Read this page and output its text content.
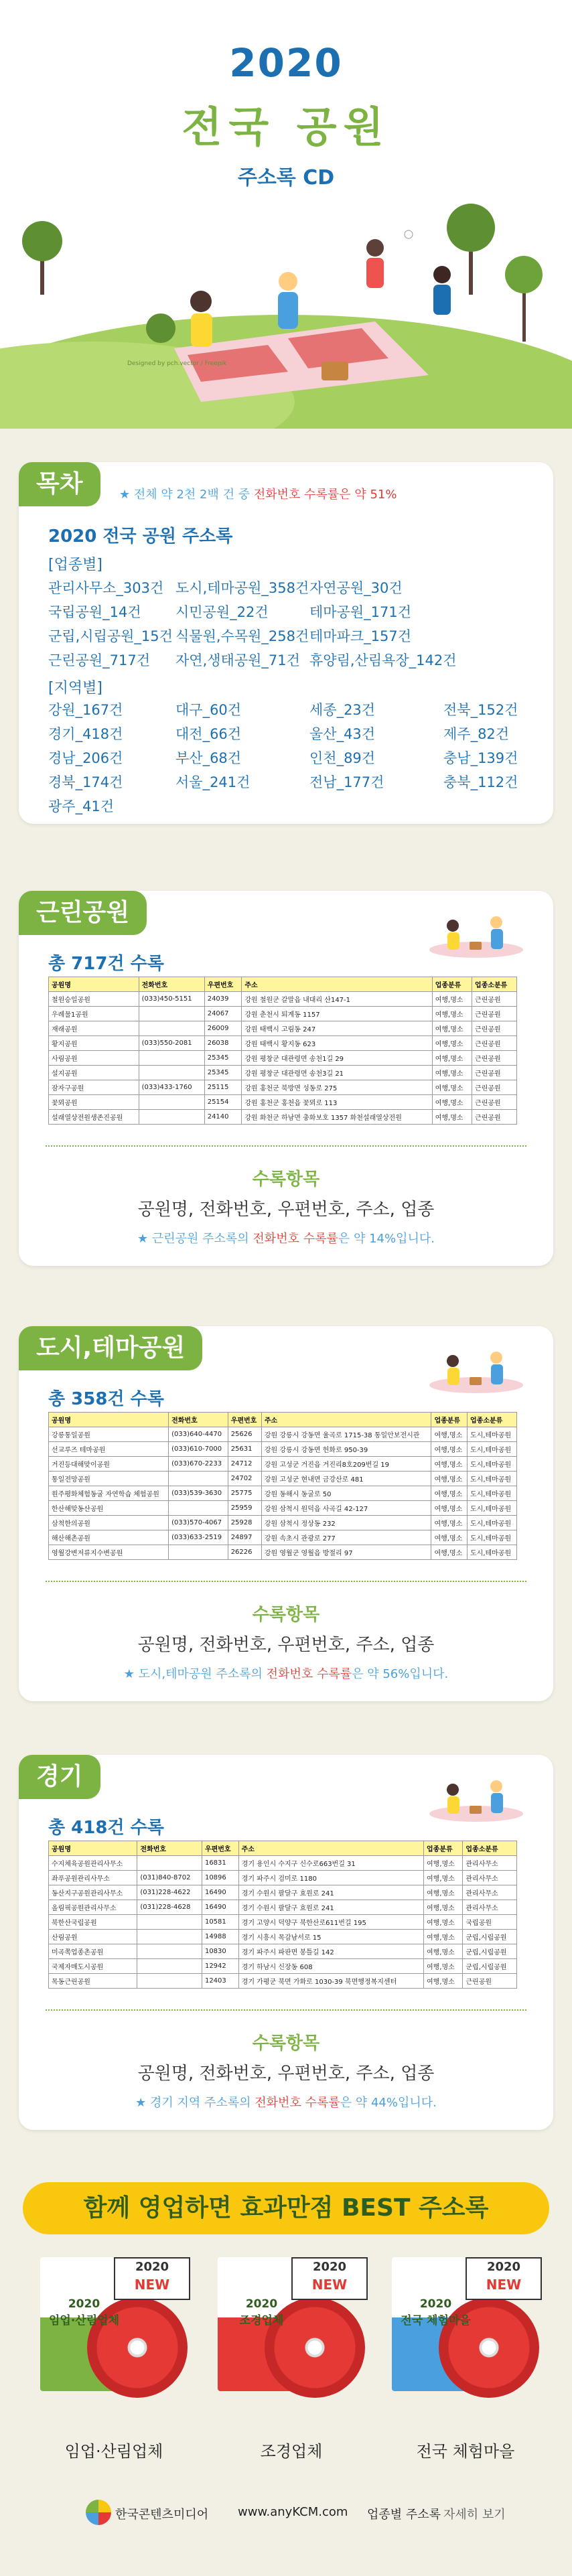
2020
전국 공원
주소록 CD
Designed by pch.vector / Freepik
목차	★ 전체 약 2천 2백 건 중 전화번호 수록률은 약 51%
2020 전국 공원 주소록
[업종별]
관리사무소_303건 도시,테마공원_358건 자연공원_30건
국립공원_14건	시민공원_22건	테마공원_171건
군립,시립공원_15건 식물원,수목원_258건 테마파크_157건
근린공원_717건	자연,생태공원_71건 휴양림,산림욕장_142건
[지역별]
강원_167건	대구_60건	세종_23건	전북_152건
경기_418건	대전_66건	울산_43건	제주_82건
경남_206건	부산_68건	인천_89건	충남_139건
경북_174건	서울_241건	전남_177건	충북_112건
광주_41건
근린공원
총 717건 수록
공원명	전화번호	우편번호	주소	업종분류	업종소분류
철원승일공원	(033)450-5151	24039	강원 철원군 갈말읍 내대리 산147-1	여행,명소	근린공원
우례물1공원		24067	강원 춘천시 퇴계동 1157	여행,명소	근린공원
재래공원		26009	강원 태백시 고림동 247	여행,명소	근린공원
황지공원	(033)550-2081	26038	강원 태백시 황지동 623	여행,명소	근린공원
사림공원		25345	강원 평창군 대관령면 송천1길 29	여행,명소	근린공원
설지공원		25345	강원 평창군 대관령면 송천3길 21	여행,명소	근린공원
잠자구공원	(033)433-1760	25115	강원 홍천군 북방면 성동로 275	여행,명소	근린공원
꽃뫼공원		25154	강원 홍천군 홍천읍 꽃뫼로 113	여행,명소	근린공원
설래열상전원생존진공원		24140	강원 화천군 하남면 충화보호 1357 화천설래열상전원	여행,명소	근린공원
수록항목
공원명, 전화번호, 우편번호, 주소, 업종
★ 근린공원 주소록의 전화번호 수록률은 약 14%입니다.
도시,테마공원
총 358건 수록
공원명	전화번호	우편번호	주소	업종분류	업종소분류
강릉통일공원	(033)640-4470	25626	강원 강릉시 강동면 율곡로 1715-38 통일안보전시관	여행,명소	도시,테마공원
선교루즈 테마공원	(033)610-7000	25631	강원 강릉시 강동면 헌화로 950-39	여행,명소	도시,테마공원
거진등대해맞이공원	(033)670-2233	24712	강원 고성군 거진읍 거진리8호209번길 19	여행,명소	도시,테마공원
통일전망공원		24702	강원 고성군 현내면 금강산로 481	여행,명소	도시,테마공원
원주평화체험동굴 자연학습 체험공원	(033)539-3630	25775	강원 동해시 동굴로 50	여행,명소	도시,테마공원
한산해맞동산공원		25959	강원 삼척시 원덕읍 사곡길 42-127	여행,명소	도시,테마공원
삼척한의공원	(033)570-4067	25928	강원 삼척시 정상동 232	여행,명소	도시,테마공원
해산해촌공원	(033)633-2519	24897	강원 속초시 관광로 277	여행,명소	도시,테마공원
영월강변저류지수변공원		26226	강원 영월군 영월읍 방절리 97	여행,명소	도시,테마공원
수록항목
공원명, 전화번호, 우편번호, 주소, 업종
★ 도시,테마공원 주소록의 전화번호 수록률은 약 56%입니다.
경기
총 418건 수록
공원명	전화번호	우편번호	주소	업종분류	업종소분류
수지체육공원관리사무소		16831	경기 용인시 수지구 신수로663번길 31	여행,명소	관리사무소
좌푸공원관리사무소	(031)840-8702	10896	경기 파주시 검미로 1180	여행,명소	관리사무소
동산지구공원관리사무소	(031)228-4622	16490	경기 수원시 팔달구 효원로 241	여행,명소	관리사무소
올림픽공원관리사무소	(031)228-4628	16490	경기 수원시 팔달구 효원로 241	여행,명소	관리사무소
북한산국립공원		10581	경기 고양시 덕양구 북한산로611번길 195	여행,명소	국립공원
산림공원		14988	경기 시흥시 목감남서로 15	여행,명소	군립,시립공원
미곡쪽업종촌공원		10830	경기 파주시 파판면 봉틀길 142	여행,명소	군립,시립공원
국제자매도시공원		12942	경기 하남시 신장동 608	여행,명소	군립,시립공원
목동근린공원		12403	경기 가평군 북면 가화로 1030-39 북면행정복지센터	여행,명소	근린공원
수록항목
공원명, 전화번호, 우편번호, 주소, 업종
★ 경기 지역 주소록의 전화번호 수록률은 약 44%입니다.
함께 영업하면 효과만점 BEST 주소록
2020
임업·산림업체
2020
NEW
임업·산림업체
2020
조경업체
2020
NEW
조경업체
2020
전국 체험마을
2020
NEW
전국 체험마을
한국콘텐츠미디어 www.anyKCM.com 업종별 주소록 자세히 보기
